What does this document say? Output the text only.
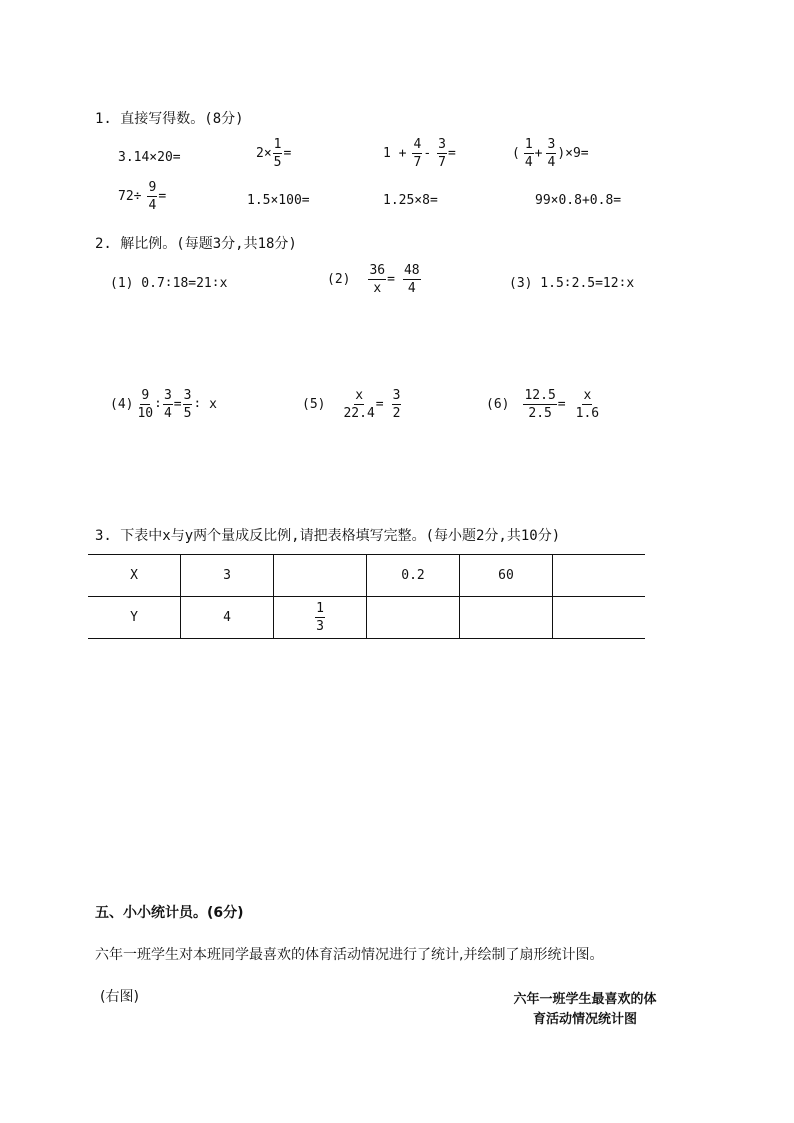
1. 直接写得数。(8分)
3.14×20=	$2\times \frac{1}{5}$ =	$1 + \frac{4}{7} - \frac{3}{7}$ =	( $\frac{1}{4} + \frac{3}{4} )\times 9=$
$72\div \frac{9}{4}$ =	1.5×100=	1.25×8=	99×0.8+0.8=
2. 解比例。(每题3分,共18分)
(1) 0.7∶18=21∶x	$(2) \frac{36}{x} = \frac{48}{4}$	(3) 1.5∶2.5=12∶x
$(4) \frac{9}{10}$ ∶ $\frac{3}{4} = \frac{3}{5}$ ∶ x	$(5) \frac{x}{22.4} = \frac{3}{2}$	$(6) \frac{12.5}{2.5} = \frac{x}{1.6}$
3. 下表中x与y两个量成反比例,请把表格填写完整。(每小题2分,共10分)
X	3		0.2	60	
Y	4	$\frac{1}{3}$

五、小小统计员。(6分)
六年一班学生对本班同学最喜欢的体育活动情况进行了统计,并绘制了扇形统计图。
(右图)	六年一班学生最喜欢的体
育活动情况统计图
